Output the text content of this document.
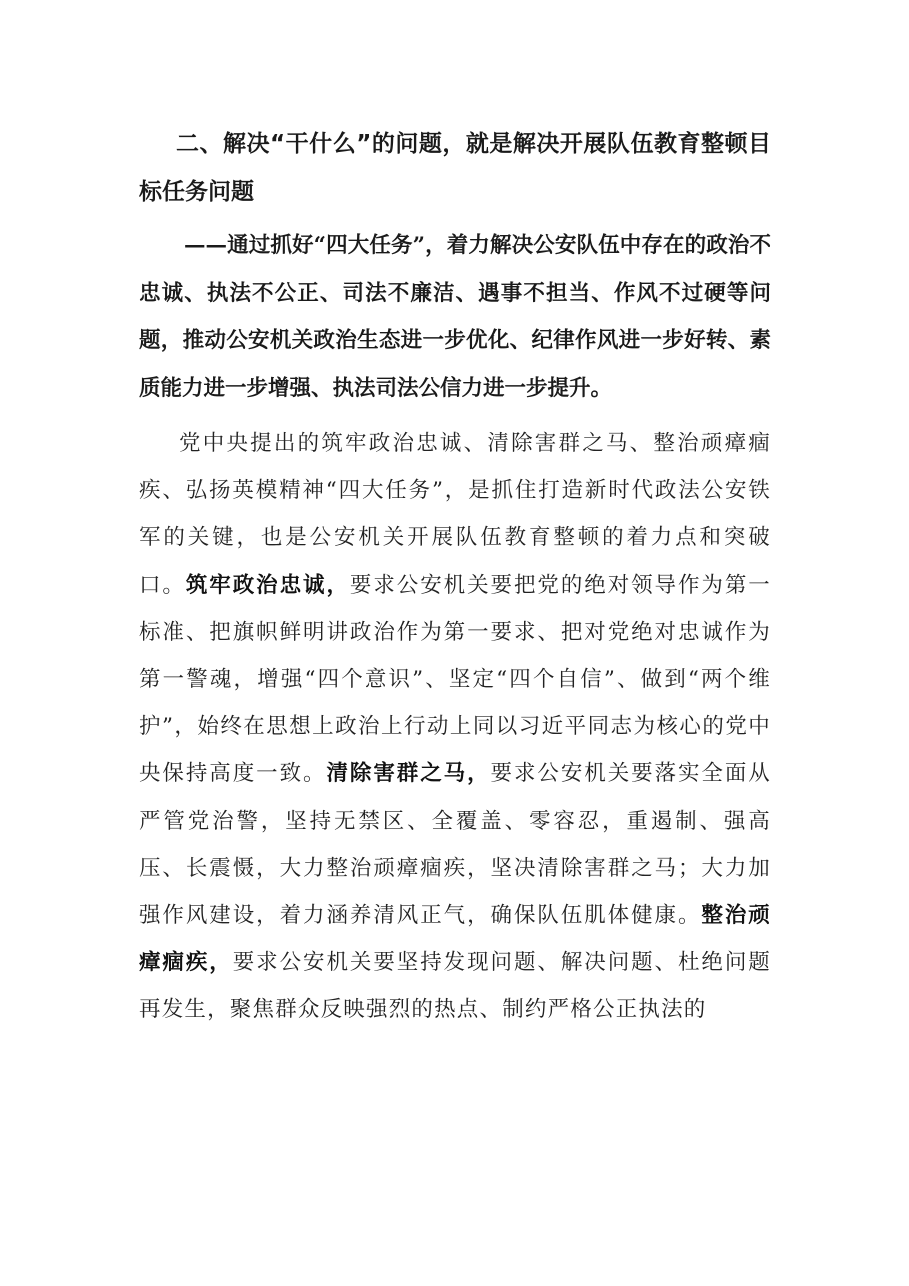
二、解决“干什么”的问题，就是解决开展队伍教育整顿目标任务问题

——通过抓好“四大任务”，着力解决公安队伍中存在的政治不忠诚、执法不公正、司法不廉洁、遇事不担当、作风不过硬等问题，推动公安机关政治生态进一步优化、纪律作风进一步好转、素质能力进一步增强、执法司法公信力进一步提升。

党中央提出的筑牢政治忠诚、清除害群之马、整治顽瘴痼疾、弘扬英模精神“四大任务”，是抓住打造新时代政法公安铁军的关键，也是公安机关开展队伍教育整顿的着力点和突破口。筑牢政治忠诚，要求公安机关要把党的绝对领导作为第一标准、把旗帜鲜明讲政治作为第一要求、把对党绝对忠诚作为第一警魂，增强“四个意识”、坚定“四个自信”、做到“两个维护”，始终在思想上政治上行动上同以习近平同志为核心的党中央保持高度一致。清除害群之马，要求公安机关要落实全面从严管党治警，坚持无禁区、全覆盖、零容忍，重遏制、强高压、长震慑，大力整治顽瘴痼疾，坚决清除害群之马；大力加强作风建设，着力涵养清风正气，确保队伍肌体健康。整治顽瘴痼疾，要求公安机关要坚持发现问题、解决问题、杜绝问题再发生，聚焦群众反映强烈的热点、制约严格公正执法的
